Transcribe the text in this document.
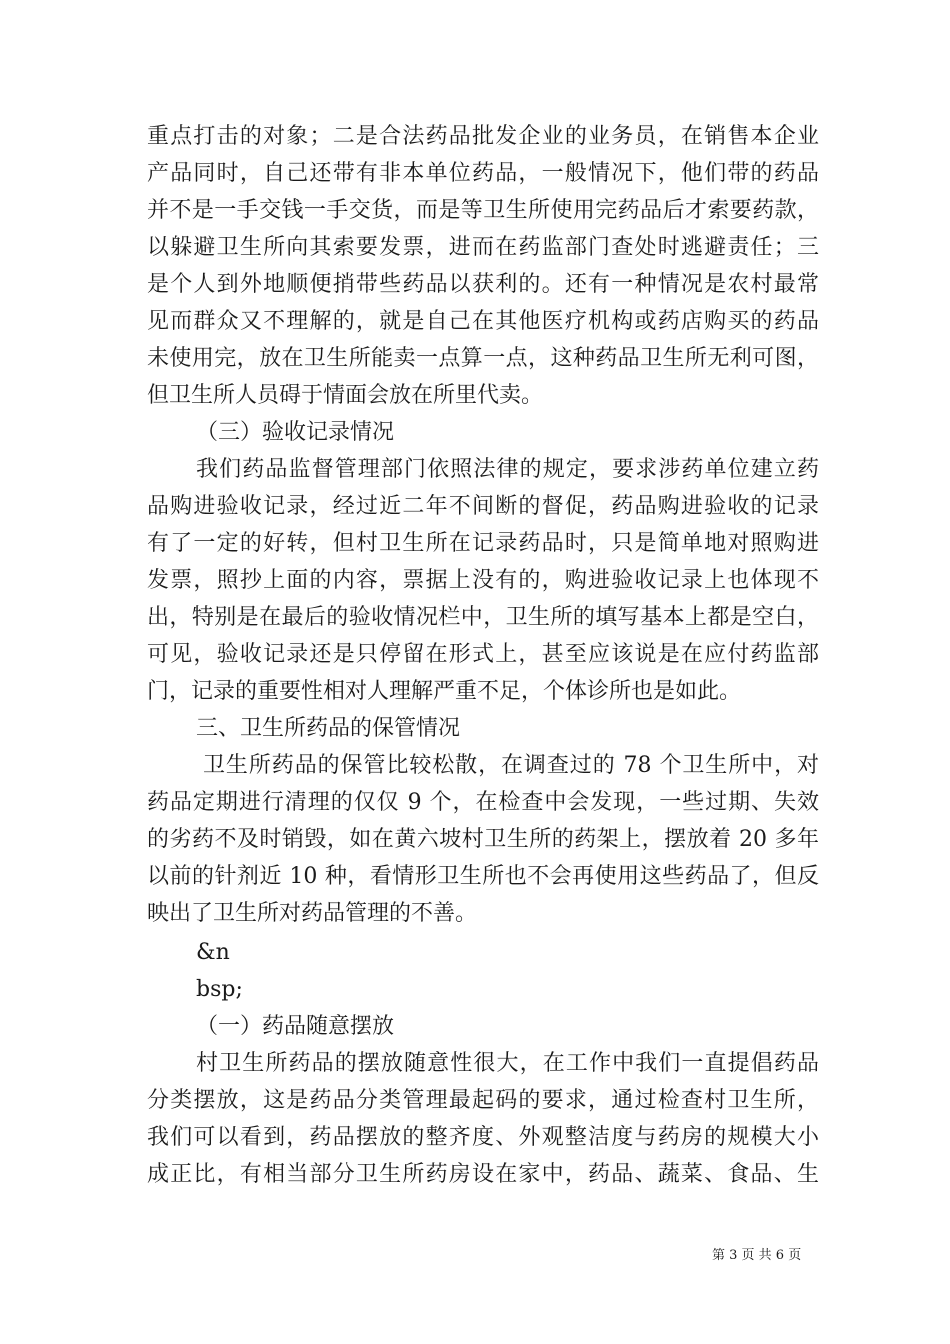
重点打击的对象；二是合法药品批发企业的业务员，在销售本企业
产品同时，自己还带有非本单位药品，一般情况下，他们带的药品
并不是一手交钱一手交货，而是等卫生所使用完药品后才索要药款，
以躲避卫生所向其索要发票，进而在药监部门查处时逃避责任；三
是个人到外地顺便捎带些药品以获利的。还有一种情况是农村最常
见而群众又不理解的，就是自己在其他医疗机构或药店购买的药品
未使用完，放在卫生所能卖一点算一点，这种药品卫生所无利可图，
但卫生所人员碍于情面会放在所里代卖。
（三）验收记录情况
我们药品监督管理部门依照法律的规定，要求涉药单位建立药
品购进验收记录，经过近二年不间断的督促，药品购进验收的记录
有了一定的好转，但村卫生所在记录药品时，只是简单地对照购进
发票，照抄上面的内容，票据上没有的，购进验收记录上也体现不
出，特别是在最后的验收情况栏中，卫生所的填写基本上都是空白，
可见，验收记录还是只停留在形式上，甚至应该说是在应付药监部
门，记录的重要性相对人理解严重不足，个体诊所也是如此。
三、卫生所药品的保管情况
卫生所药品的保管比较松散，在调查过的 78 个卫生所中，对
药品定期进行清理的仅仅 9 个，在检查中会发现，一些过期、失效
的劣药不及时销毁，如在黄六坡村卫生所的药架上，摆放着 20 多年
以前的针剂近 10 种，看情形卫生所也不会再使用这些药品了，但反
映出了卫生所对药品管理的不善。
&n
bsp;
（一）药品随意摆放
村卫生所药品的摆放随意性很大，在工作中我们一直提倡药品
分类摆放，这是药品分类管理最起码的要求，通过检查村卫生所，
我们可以看到，药品摆放的整齐度、外观整洁度与药房的规模大小
成正比，有相当部分卫生所药房设在家中，药品、蔬菜、食品、生
第 3 页 共 6 页
